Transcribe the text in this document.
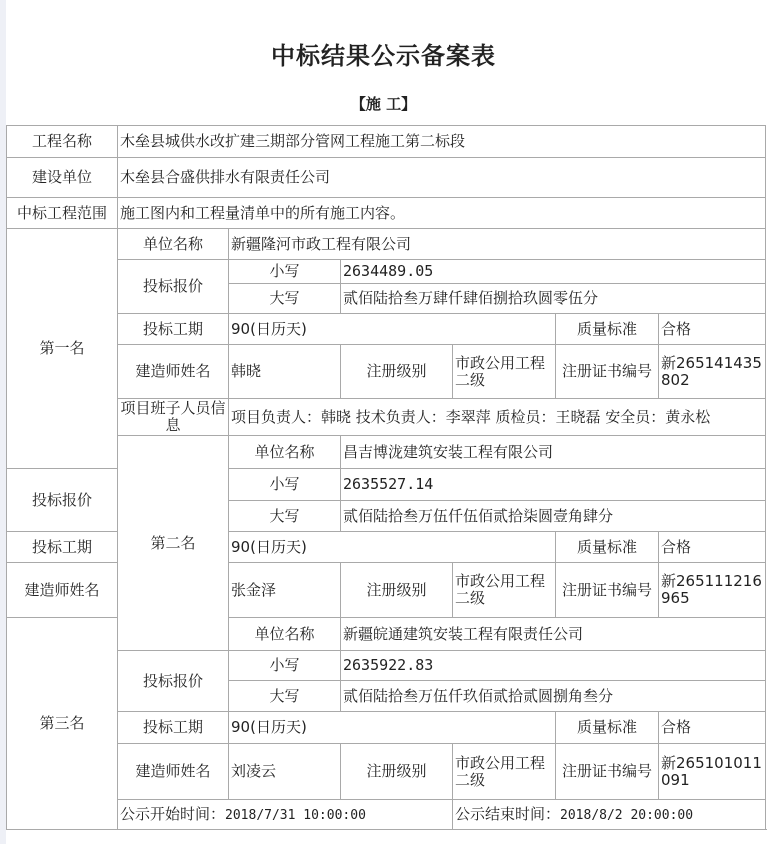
中标结果公示备案表
【施 工】
工程名称	木垒县城供水改扩建三期部分管网工程施工第二标段					
建设单位	木垒县合盛供排水有限责任公司					
中标工程范围	施工图内和工程量清单中的所有施工内容。					
第一名	单位名称	新疆隆河市政工程有限公司				
	投标报价	小写	2634489.05			
		大写	贰佰陆拾叁万肆仟肆佰捌拾玖圆零伍分			
	投标工期	90(日历天)			质量标准	合格
	建造师姓名	韩晓	注册级别	市政公用工程二级	注册证书编号	新265141435802
	项目班子人员信息	项目负责人：韩晓 技术负责人：李翠萍 质检员：王晓磊 安全员：黄永松				
	第二名	单位名称	昌吉博泷建筑安装工程有限公司			
投标报价		小写	2635527.14			
		大写	贰佰陆拾叁万伍仟伍佰贰拾柒圆壹角肆分			
投标工期		90(日历天)			质量标准	合格
建造师姓名		张金泽	注册级别	市政公用工程二级	注册证书编号	新265111216965
第三名		单位名称	新疆皖通建筑安装工程有限责任公司			
	投标报价	小写	2635922.83			
		大写	贰佰陆拾叁万伍仟玖佰贰拾贰圆捌角叁分			
	投标工期	90(日历天)			质量标准	合格
	建造师姓名	刘凌云	注册级别	市政公用工程二级	注册证书编号	新265101011091
	公示开始时间：2018/7/31 10:00:00			公示结束时间：2018/8/2 20:00:00		
